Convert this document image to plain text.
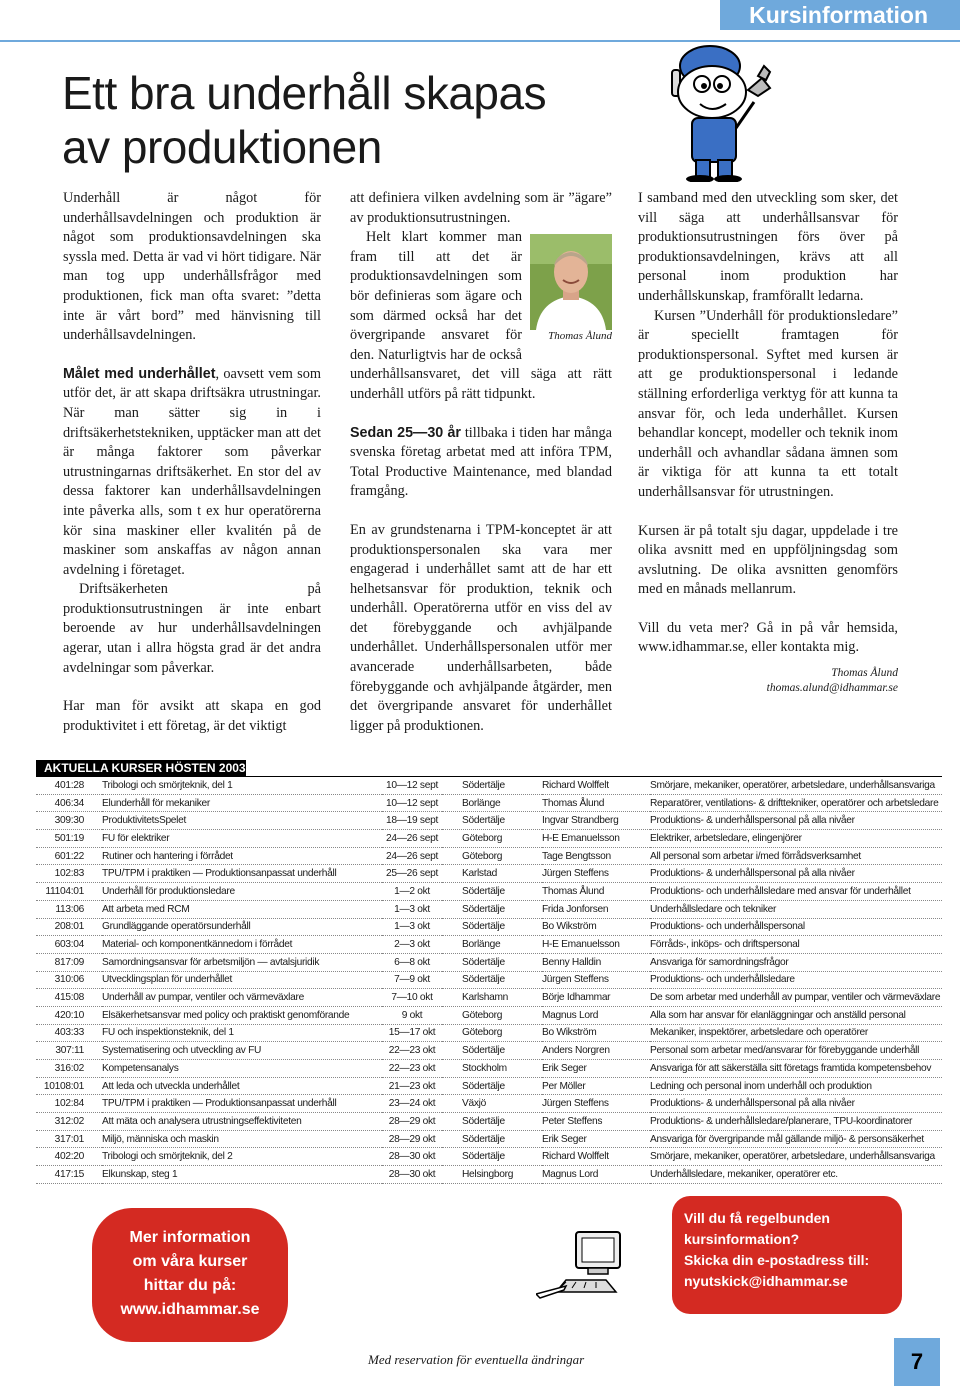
Kursinformation
Ett bra underhåll skapas
av produktionen

Underhåll är något för underhållsavdelningen och produktion är något som produktionsavdelningen ska syssla med. Detta är vad vi hört tidigare. När man tog upp underhållsfrågor med produktionen, fick man ofta svaret: ”detta inte är vårt bord” med hänvisning till underhållsavdelningen.

Målet med underhållet, oavsett vem som utför det, är att skapa driftsäkra utrustningar. När man sätter sig in i driftsäkerhetstekniken, upptäcker man att det är många faktorer som påverkar utrustningarnas driftsäkerhet. En stor del av dessa faktorer kan underhållsavdelningen inte påverka alls, som t ex hur operatörerna kör sina maskiner eller kvalitén på de maskiner som anskaffas av någon annan avdelning i företaget.

Driftsäkerheten på produktionsutrustningen är inte enbart beroende av hur underhållsavdelningen agerar, utan i allra högsta grad är det andra avdelningar som påverkar.

Har man för avsikt att skapa en god produktivitet i ett företag, är det viktigt

att definiera vilken avdelning som är ”ägare” av produktionsutrustningen.

Thomas Ålund

Helt klart kommer man fram till att det är produktionsavdelningen som bör definieras som ägare och som därmed också har det övergripande ansvaret för den. Naturligtvis har de också underhållsansvaret, det vill säga att rätt underhåll utförs på rätt tidpunkt.

Sedan 25—30 år tillbaka i tiden har många svenska företag arbetat med att införa TPM, Total Productive Maintenance, med blandad framgång.

En av grundstenarna i TPM-konceptet är att produktionspersonalen ska vara mer engagerad i underhållet samt att de har ett helhetsansvar för produktion, teknik och underhåll. Operatörerna utför en viss del av det förebyggande och avhjälpande underhållet. Underhållspersonalen utför mer avancerade underhållsarbeten, både förebyggande och avhjälpande åtgärder, men det övergripande ansvaret för underhållet ligger på produktionen.

I samband med den utveckling som sker, det vill säga att underhållsansvar för produktionsutrustningen förs över på produktionsavdelningen, krävs att all personal inom produktion har underhållskunskap, framförallt ledarna.

Kursen ”Underhåll för produktionsledare” är speciellt framtagen för produktionspersonal. Syftet med kursen är att ge produktionspersonal i ledande ställning erforderliga verktyg för att kunna ta ansvar för, och leda underhållet. Kursen behandlar koncept, modeller och teknik inom underhåll och avhandlar sådana ämnen som är viktiga för att kunna ta ett totalt underhållsansvar för utrustningen.

Kursen är på totalt sju dagar, uppdelade i tre olika avsnitt med en uppföljningsdag som avslutning. De olika avsnitten genomförs med en månads mellanrum.

Vill du veta mer? Gå in på vår hemsida, www.idhammar.se, eller kontakta mig.

Thomas Ålund
thomas.alund@idhammar.se
AKTUELLA KURSER HÖSTEN 2003
401:28	Tribologi och smörjteknik, del 1	10—12 sept	Södertälje	Richard Wolffelt	Smörjare, mekaniker, operatörer, arbetsledare, underhållsansvariga
406:34	Elunderhåll för mekaniker	10—12 sept	Borlänge	Thomas Ålund	Reparatörer, ventilations- & drifttekniker, operatörer och arbetsledare
309:30	ProduktivitetsSpelet	18—19 sept	Södertälje	Ingvar Strandberg	Produktions- & underhållspersonal på alla nivåer
501:19	FU för elektriker	24—26 sept	Göteborg	H-E Emanuelsson	Elektriker, arbetsledare, elingenjörer
601:22	Rutiner och hantering i förrådet	24—26 sept	Göteborg	Tage Bengtsson	All personal som arbetar i/med förrådsverksamhet
102:83	TPU/TPM i praktiken — Produktionsanpassat underhåll	25—26 sept	Karlstad	Jürgen Steffens	Produktions- & underhållspersonal på alla nivåer
11104:01	Underhåll för produktionsledare	1—2 okt	Södertälje	Thomas Ålund	Produktions- och underhållsledare med ansvar för underhållet
113:06	Att arbeta med RCM	1—3 okt	Södertälje	Frida Jonforsen	Underhållsledare och tekniker
208:01	Grundläggande operatörsunderhåll	1—3 okt	Södertälje	Bo Wikström	Produktions- och underhållspersonal
603:04	Material- och komponentkännedom i förrådet	2—3 okt	Borlänge	H-E Emanuelsson	Förråds-, inköps- och driftspersonal
817:09	Samordningsansvar för arbetsmiljön — avtalsjuridik	6—8 okt	Södertälje	Benny Halldin	Ansvariga för samordningsfrågor
310:06	Utvecklingsplan för underhållet	7—9 okt	Södertälje	Jürgen Steffens	Produktions- och underhållsledare
415:08	Underhåll av pumpar, ventiler och värmeväxlare	7—10 okt	Karlshamn	Börje Idhammar	De som arbetar med underhåll av pumpar, ventiler och värmeväxlare
420:10	Elsäkerhetsansvar med policy och praktiskt genomförande	9 okt	Göteborg	Magnus Lord	Alla som har ansvar för elanläggningar och anställd personal
403:33	FU och inspektionsteknik, del 1	15—17 okt	Göteborg	Bo Wikström	Mekaniker, inspektörer, arbetsledare och operatörer
307:11	Systematisering och utveckling av FU	22—23 okt	Södertälje	Anders Norgren	Personal som arbetar med/ansvarar för förebyggande underhåll
316:02	Kompetensanalys	22—23 okt	Stockholm	Erik Seger	Ansvariga för att säkerställa sitt företags framtida kompetensbehov
10108:01	Att leda och utveckla underhållet	21—23 okt	Södertälje	Per Möller	Ledning och personal inom underhåll och produktion
102:84	TPU/TPM i praktiken — Produktionsanpassat underhåll	23—24 okt	Växjö	Jürgen Steffens	Produktions- & underhållspersonal på alla nivåer
312:02	Att mäta och analysera utrustningseffektiviteten	28—29 okt	Södertälje	Peter Steffens	Produktions- & underhållsledare/planerare, TPU-koordinatorer
317:01	Miljö, människa och maskin	28—29 okt	Södertälje	Erik Seger	Ansvariga för övergripande mål gällande miljö- & personsäkerhet
402:20	Tribologi och smörjteknik, del 2	28—30 okt	Södertälje	Richard Wolffelt	Smörjare, mekaniker, operatörer, arbetsledare, underhållsansvariga
417:15	Elkunskap, steg 1	28—30 okt	Helsingborg	Magnus Lord	Underhållsledare, mekaniker, operatörer etc.
Mer information
om våra kurser
hittar du på:
www.idhammar.se
Vill du få regelbunden
kursinformation?
Skicka din e-postadress till:
nyutskick@idhammar.se
Med reservation för eventuella ändringar	7
